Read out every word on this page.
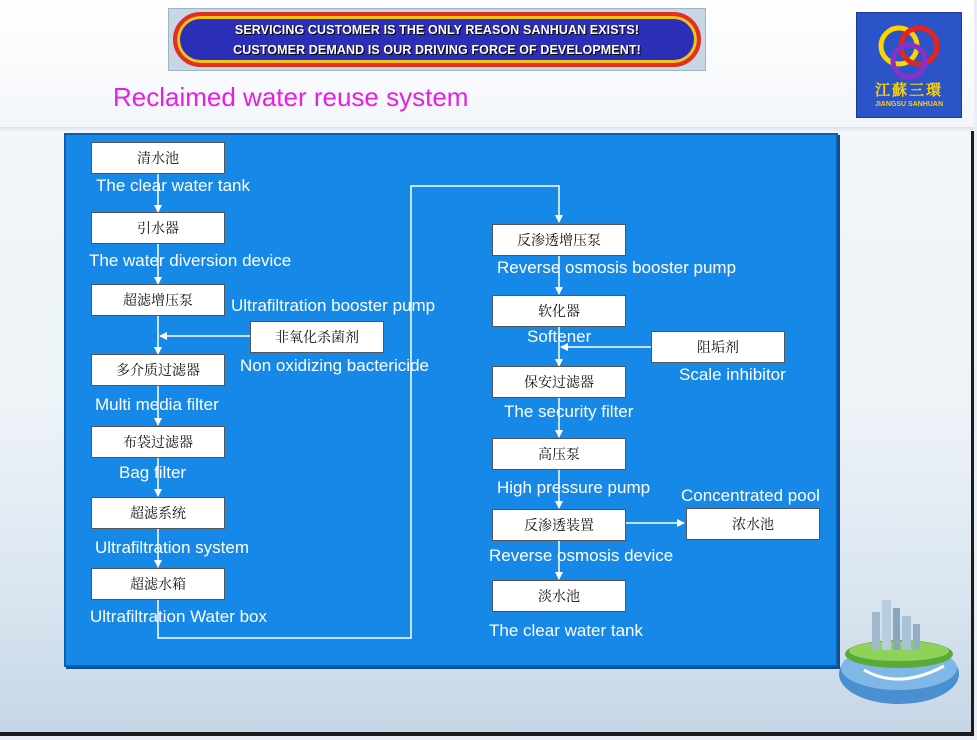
SERVICING CUSTOMER IS THE ONLY REASON SANHUAN EXISTS!
CUSTOMER DEMAND IS OUR DRIVING FORCE OF DEVELOPMENT!
江蘇三環
JIANGSU SANHUAN
Reclaimed water reuse system
清水池
The clear water tank
引水器
The water diversion device
超滤增压泵	Ultrafiltration booster pump
非氧化杀菌剂
Non oxidizing bactericide
多介质过滤器
Multi media filter
布袋过滤器
Bag filter
超滤系统
Ultrafiltration system
超滤水箱
Ultrafiltration Water box
反渗透增压泵
Reverse osmosis booster pump
软化器
Softener
阻垢剂
Scale inhibitor
保安过滤器
The security filter
高压泵
High pressure pump
反渗透装置
Reverse osmosis device
浓水池
Concentrated pool
淡水池
The clear water tank
